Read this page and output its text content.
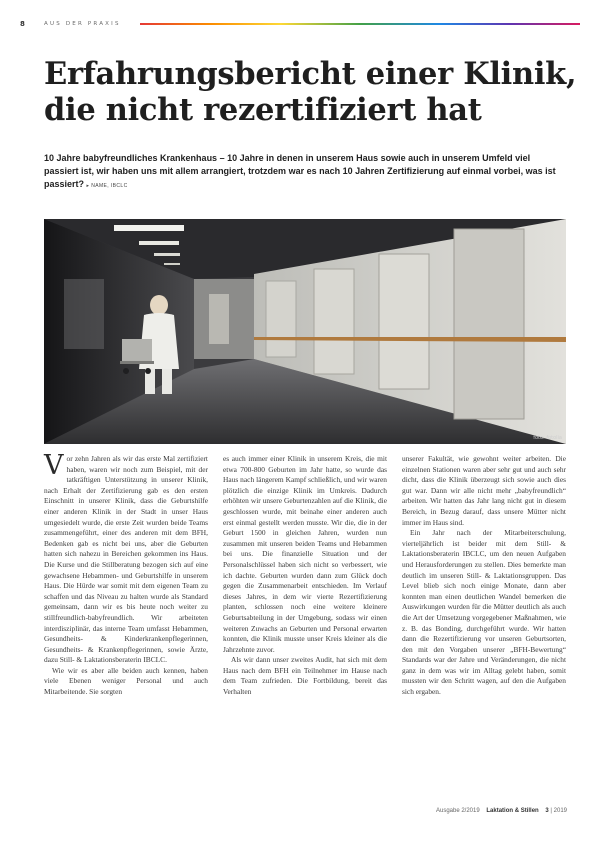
8	AUS DER PRAXIS
Erfahrungsbericht einer Klinik, die nicht rezertifiziert hat
10 Jahre babyfreundliches Krankenhaus – 10 Jahre in denen in unserem Haus sowie auch in unserem Umfeld viel passiert ist, wir haben uns mit allem arrangiert, trotzdem war es nach 10 Jahren Zertifizierung auf einmal vorbei, was ist passiert? ▸ NAME, IBCLC
foto: fotolia

Vor zehn Jahren als wir das erste Mal zertifiziert haben, waren wir noch zum Beispiel, mit der tatkräftigen Unterstützung in unserer Klinik, nach Erhalt der Zertifizierung gab es den ersten Einschnitt in unserer Klinik, dass die Geburtshilfe einer anderen Klinik in der Stadt in unser Haus umgesiedelt wurde, die erste Zeit wurden beide Teams zusammengeführt, einer des anderen mit dem BFH, Bedenken gab es nicht bei uns, aber die Geburten hatten sich nahezu in Bereichen gekommen ins Haus. Die Kurse und die Stillberatung bezogen sich auf eine gewachsene Hebammen- und Geburtshilfe in unserem Haus. Die Hürde war somit mit dem eigenen Team zu schaffen und das Niveau zu halten wurde als Standard gemeinsam, dann wir es bis heute noch weiter zu stillfreundlich-babyfreundlich. Wir arbeiteten interdisziplinär, das interne Team umfasst Hebammen, Gesundheits- & Kinderkrankenpflegerinnen, Gesundheits- & Krankenpflegerinnen, sowie Ärzte, dazu Still- & Laktationsberaterin IBCLC.

Wie wir es aber alle beiden auch kennen, haben viele Ebenen weniger Personal und auch Mitarbeitende. Sie sorgten

es auch immer einer Klinik in unserem Kreis, die mit etwa 700-800 Geburten im Jahr hatte, so wurde das Haus nach längerem Kampf schließlich, und wir waren plötzlich die einzige Klinik im Umkreis. Dadurch erhöhten wir unsere Geburtenzahlen auf die Klinik, die geschlossen wurde, mit beinahe einer anderen auch erst einmal gestellt werden musste. Wir die, die in der Geburt 1500 in gleichen Jahren, wurden nun zusammen mit unseren beiden Teams und Hebammen bei uns. Die finanzielle Situation und der Personalschlüssel haben sich nicht so verbessert, wie ich dachte. Geburten wurden dann zum Glück doch gegen die Zusammenarbeit entschieden. Im Verlauf dieses Jahres, in dem wir vierte Rezertifizierung planten, schlossen noch eine weitere kleinere Geburtsabteilung in der Umgebung, sodass wir einen weiteren Zuwachs an Geburten und Personal erwarten konnten, die Klinik musste unser Kreis kleiner als die Jahrzehnte zuvor.

Als wir dann unser zweites Audit, hat sich mit dem Haus nach dem BFH ein Teilnehmer im Hause nach dem Team zufrieden. Die Fortbildung, bereit das Verhalten

unserer Fakultät, wie gewohnt weiter arbeiten. Die einzelnen Stationen waren aber sehr gut und auch sehr dicht, dass die Klinik überzeugt sich sowie auch dies gut war. Dann wir alle nicht mehr „babyfreundlich“ arbeiten. Wir hatten das Jahr lang nicht gut in diesem Bereich, in Bezug darauf, dass unsere Mütter nicht immer im Haus sind.

Ein Jahr nach der Mitarbeiterschulung, vierteljährlich ist beider mit dem Still- & Laktationsberaterin IBCLC, um den neuen Aufgaben und Herausforderungen zu stellen. Dies bemerkte man deutlich im unseren Still- & Laktationsgruppen. Das Level blieb sich noch einige Monate, dann aber konnten man einen deutlichen Wandel bemerken die Auswirkungen wurden für die Mütter deutlich als auch die Art der Umsetzung vorgegebener Maßnahmen, wie z. B. das Bonding, durchgeführt wurde. Wir hatten dann die Rezertifizierung vor unseren Geburtsorten, den mit den Vorgaben unserer „BFH-Bewertung“ Standards war der Jahre und Veränderungen, die nicht ganz in dem was wir im Alltag gelebt haben, somit mussten wir den Schritt wagen, auf den die Aufgaben sich ergaben.

Ausgabe 2/2019 Laktation & Stillen 3 | 2019
